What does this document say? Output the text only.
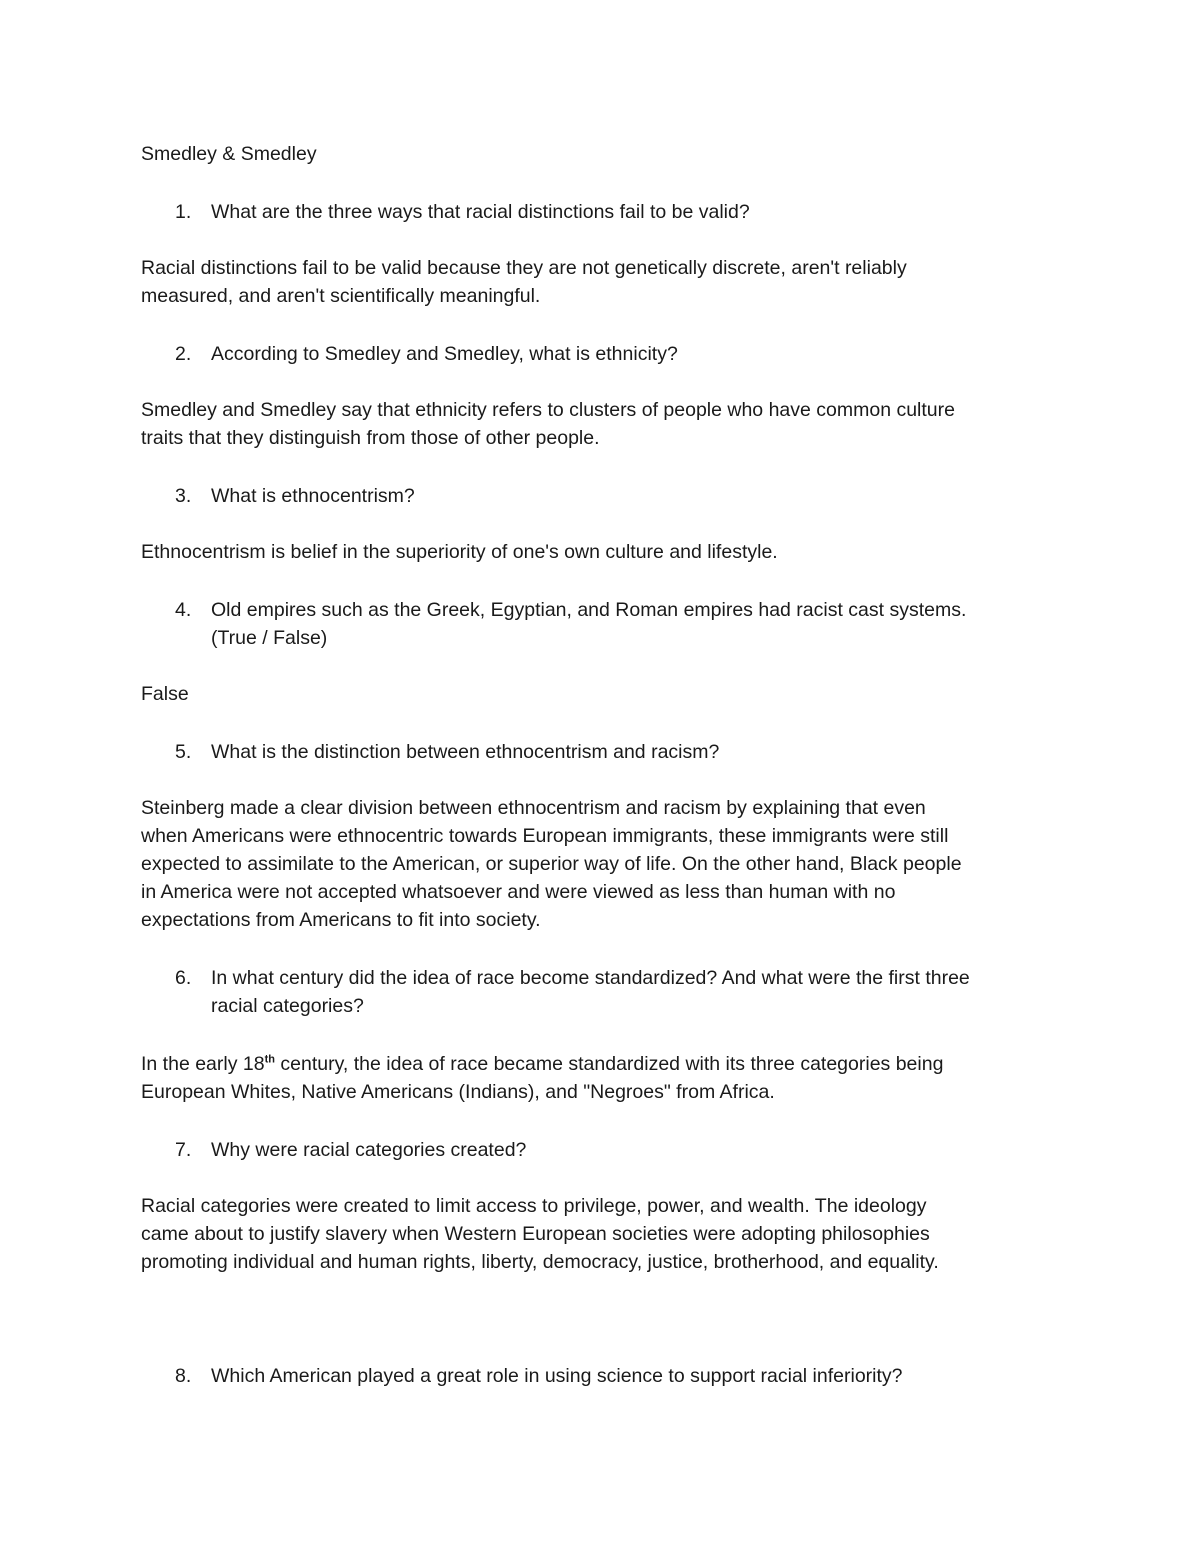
Smedley & Smedley
1. What are the three ways that racial distinctions fail to be valid?
Racial distinctions fail to be valid because they are not genetically discrete, aren't reliably
measured, and aren't scientifically meaningful.
2. According to Smedley and Smedley, what is ethnicity?
Smedley and Smedley say that ethnicity refers to clusters of people who have common culture
traits that they distinguish from those of other people.
3. What is ethnocentrism?
Ethnocentrism is belief in the superiority of one's own culture and lifestyle.
4. Old empires such as the Greek, Egyptian, and Roman empires had racist cast systems.
(True / False)
False
5. What is the distinction between ethnocentrism and racism?
Steinberg made a clear division between ethnocentrism and racism by explaining that even
when Americans were ethnocentric towards European immigrants, these immigrants were still
expected to assimilate to the American, or superior way of life. On the other hand, Black people
in America were not accepted whatsoever and were viewed as less than human with no
expectations from Americans to fit into society.
6. In what century did the idea of race become standardized? And what were the first three
racial categories?
In the early 18th century, the idea of race became standardized with its three categories being
European Whites, Native Americans (Indians), and "Negroes" from Africa.
7. Why were racial categories created?
Racial categories were created to limit access to privilege, power, and wealth. The ideology
came about to justify slavery when Western European societies were adopting philosophies
promoting individual and human rights, liberty, democracy, justice, brotherhood, and equality.
8. Which American played a great role in using science to support racial inferiority?
